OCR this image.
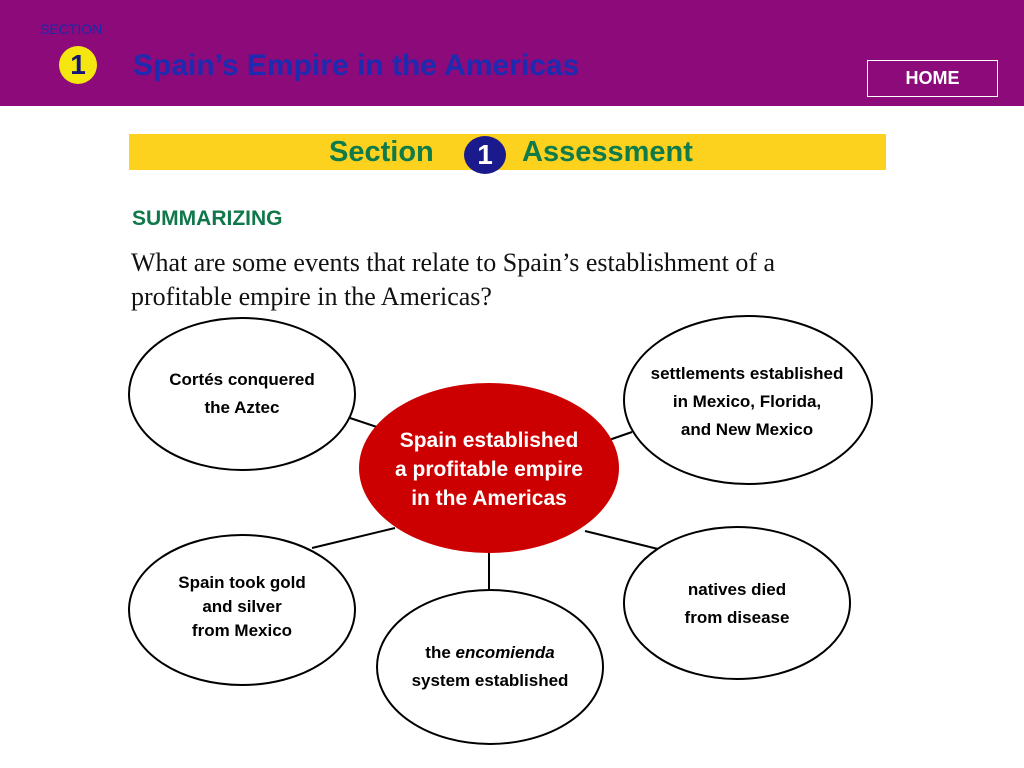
SECTION
1	Spain’s Empire in the Americas	HOME
Section	1	Assessment
SUMMARIZING
What are some events that relate to Spain’s establishment of a profitable empire in the Americas?
Cortés conquered
the Aztec
settlements established
in Mexico, Florida,
and New Mexico
Spain established
a profitable empire
in the Americas
Spain took gold
and silver
from Mexico
the encomienda
system established
natives died
from disease
